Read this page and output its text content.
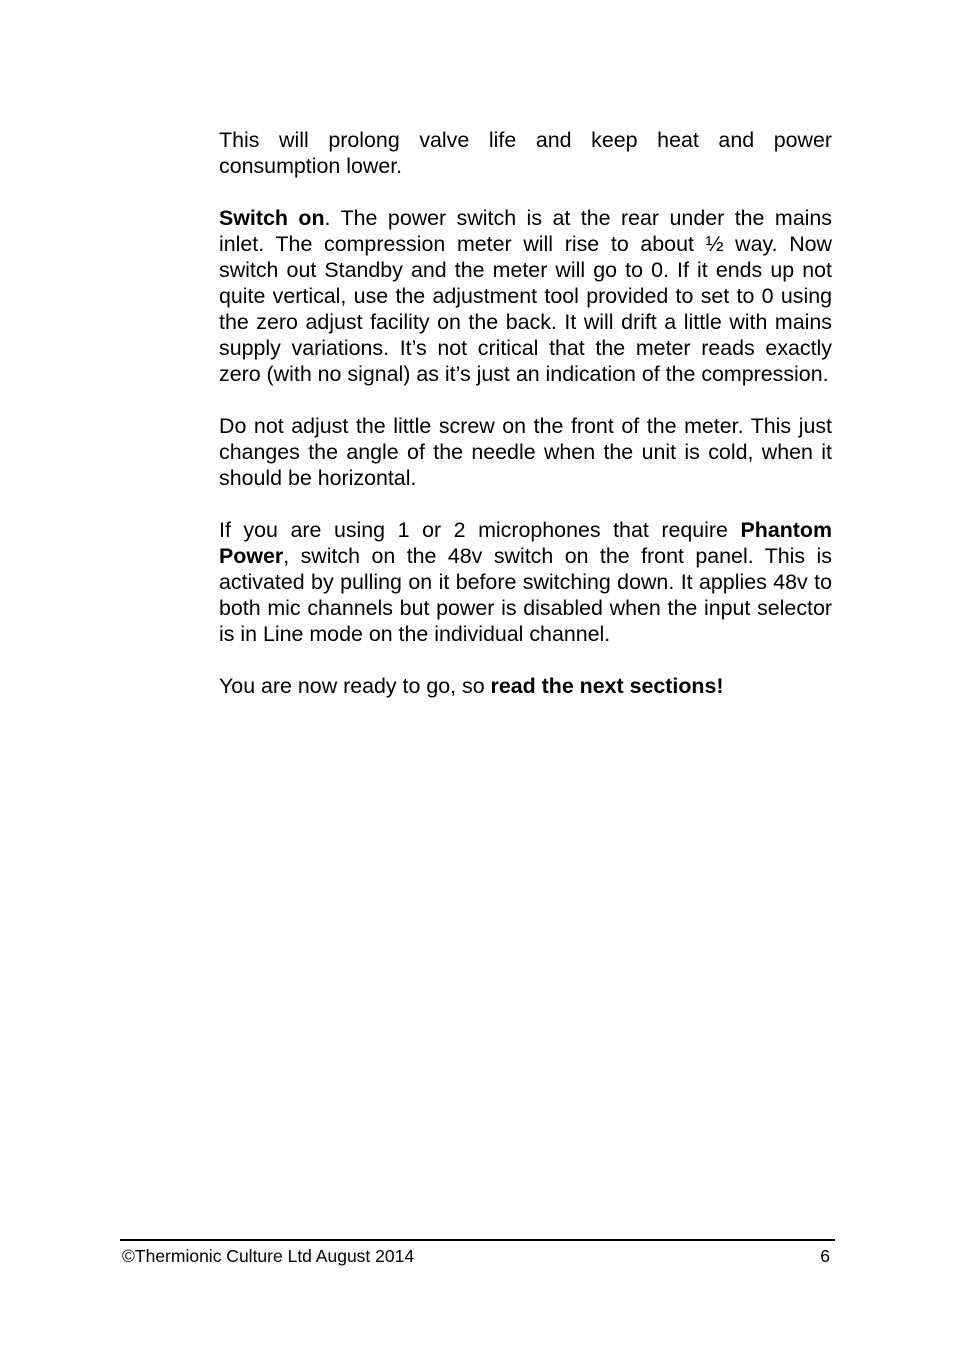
This will prolong valve life and keep heat and power consumption lower.

Switch on. The power switch is at the rear under the mains inlet. The compression meter will rise to about ½ way. Now switch out Standby and the meter will go to 0. If it ends up not quite vertical, use the adjustment tool provided to set to 0 using the zero adjust facility on the back. It will drift a little with mains supply variations. It’s not critical that the meter reads exactly zero (with no signal) as it’s just an indication of the compression.

Do not adjust the little screw on the front of the meter. This just changes the angle of the needle when the unit is cold, when it should be horizontal.

If you are using 1 or 2 microphones that require Phantom Power, switch on the 48v switch on the front panel. This is activated by pulling on it before switching down. It applies 48v to both mic channels but power is disabled when the input selector is in Line mode on the individual channel.

You are now ready to go, so read the next sections!

©Thermionic Culture Ltd August 2014	6
